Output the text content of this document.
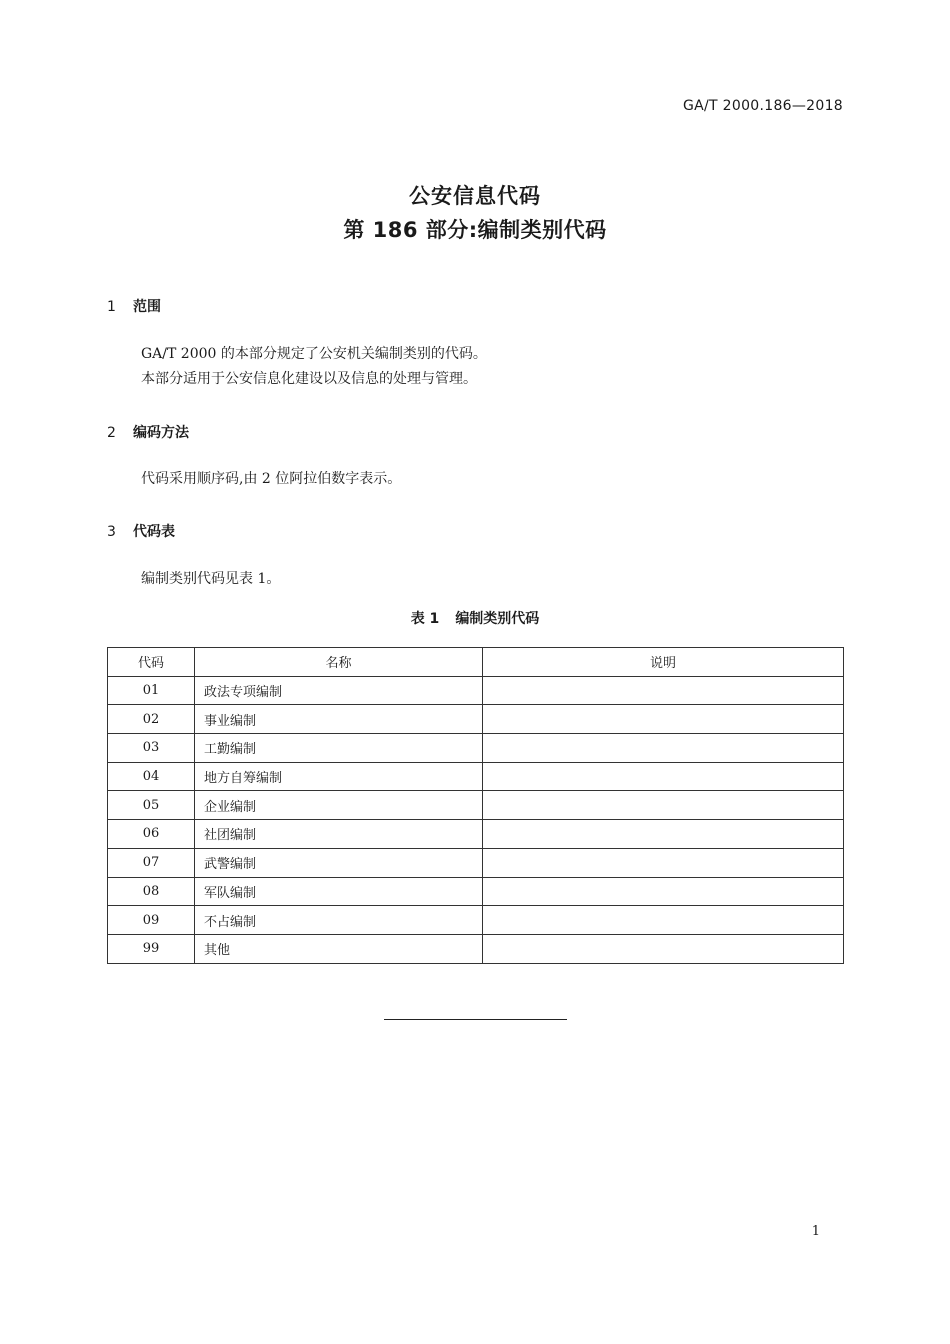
GA/T 2000.186—2018
公安信息代码
第 186 部分:编制类别代码
1 范围
GA/T 2000 的本部分规定了公安机关编制类别的代码。
本部分适用于公安信息化建设以及信息的处理与管理。
2 编码方法
代码采用顺序码,由 2 位阿拉伯数字表示。
3 代码表
编制类别代码见表 1。
表 1 编制类别代码
代码	名称	说明
01	政法专项编制	
02	事业编制	
03	工勤编制	
04	地方自筹编制	
05	企业编制	
06	社团编制	
07	武警编制	
08	军队编制	
09	不占编制	
99	其他	
1
